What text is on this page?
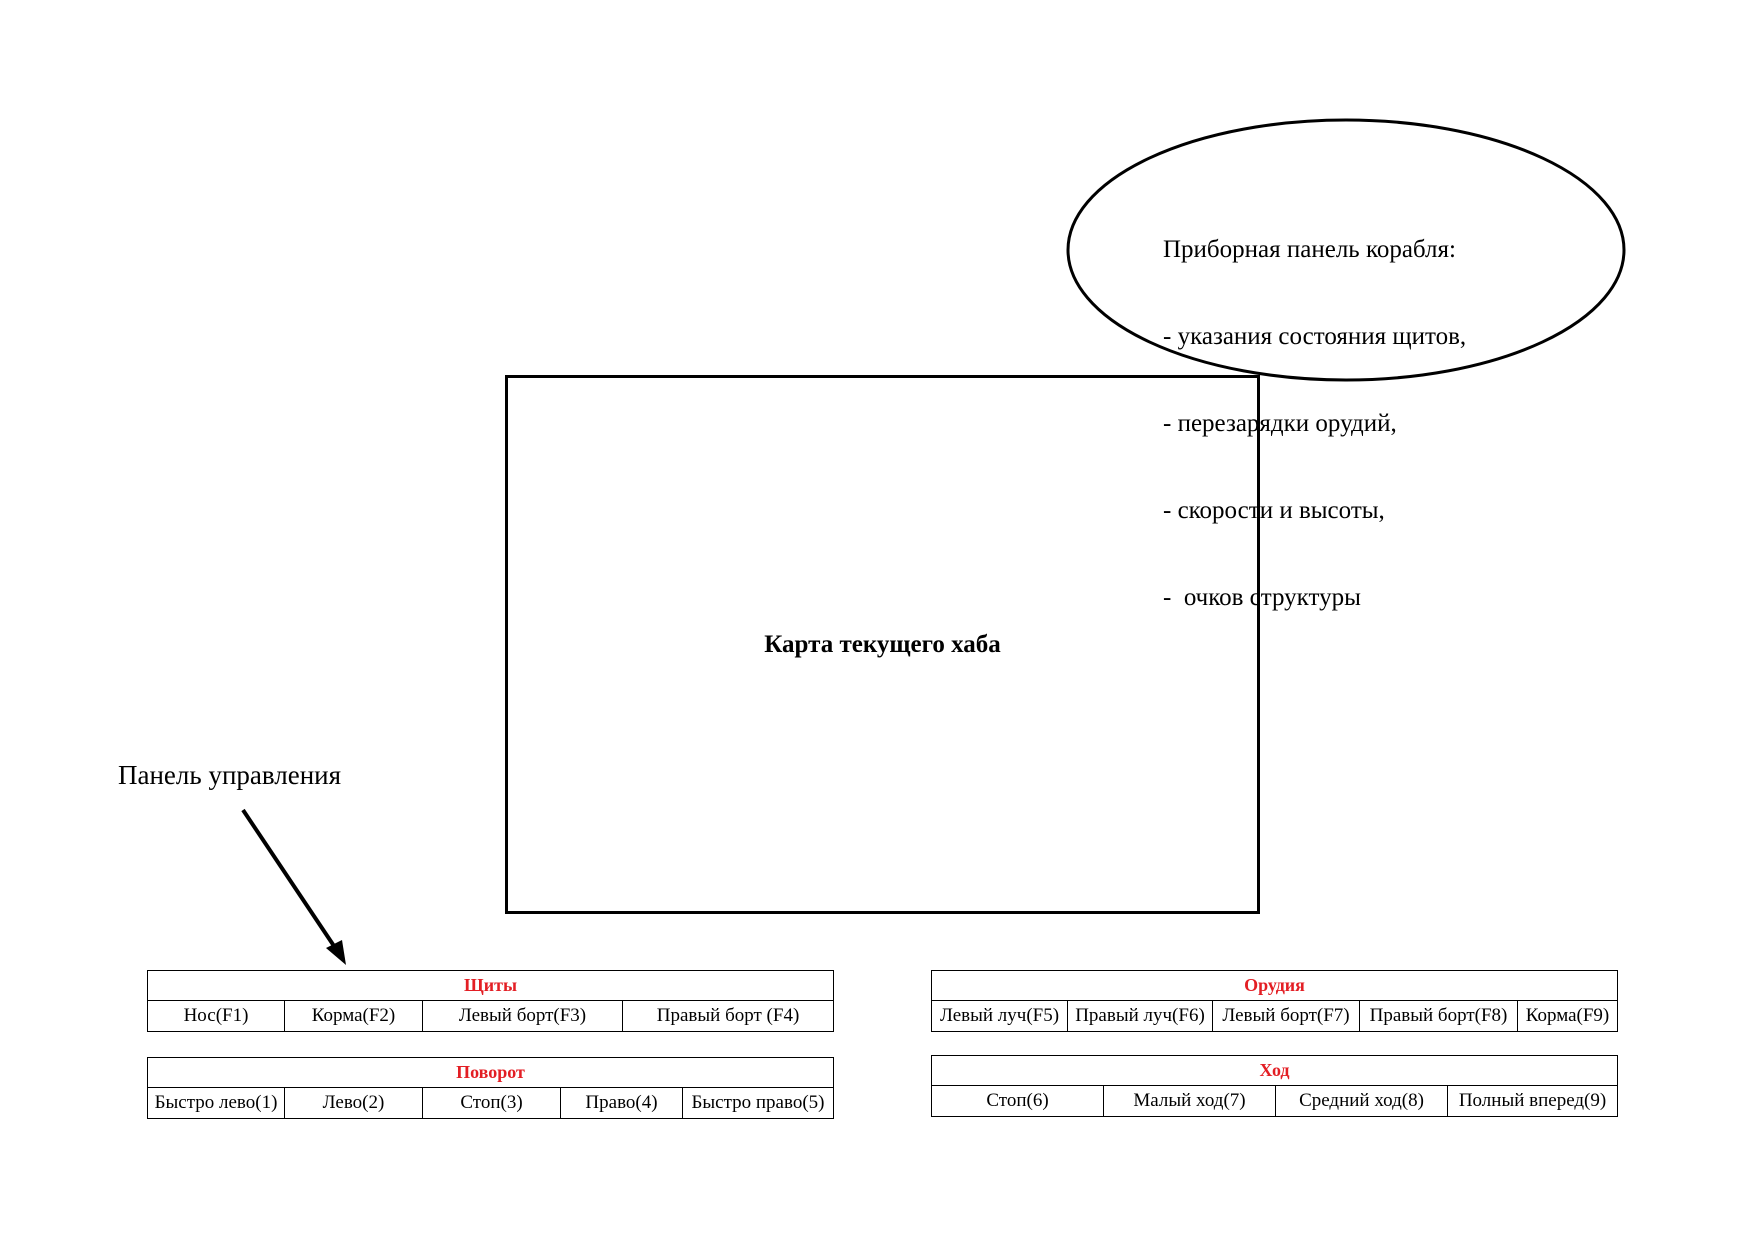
Приборная панель корабля:

- указания состояния щитов,

- перезарядки орудий,

- скорости и высоты,

-  очков структуры

Карта текущего хаба
Панель управления
Щиты
Нос(F1)	Корма(F2)	Левый борт(F3)	Правый борт (F4)
Поворот
Быстро лево(1)	Лево(2)	Стоп(3)	Право(4)	Быстро право(5)
Орудия
Левый луч(F5)	Правый луч(F6)	Левый борт(F7)	Правый борт(F8)	Корма(F9)
Ход
Стоп(6)	Малый ход(7)	Средний ход(8)	Полный вперед(9)
